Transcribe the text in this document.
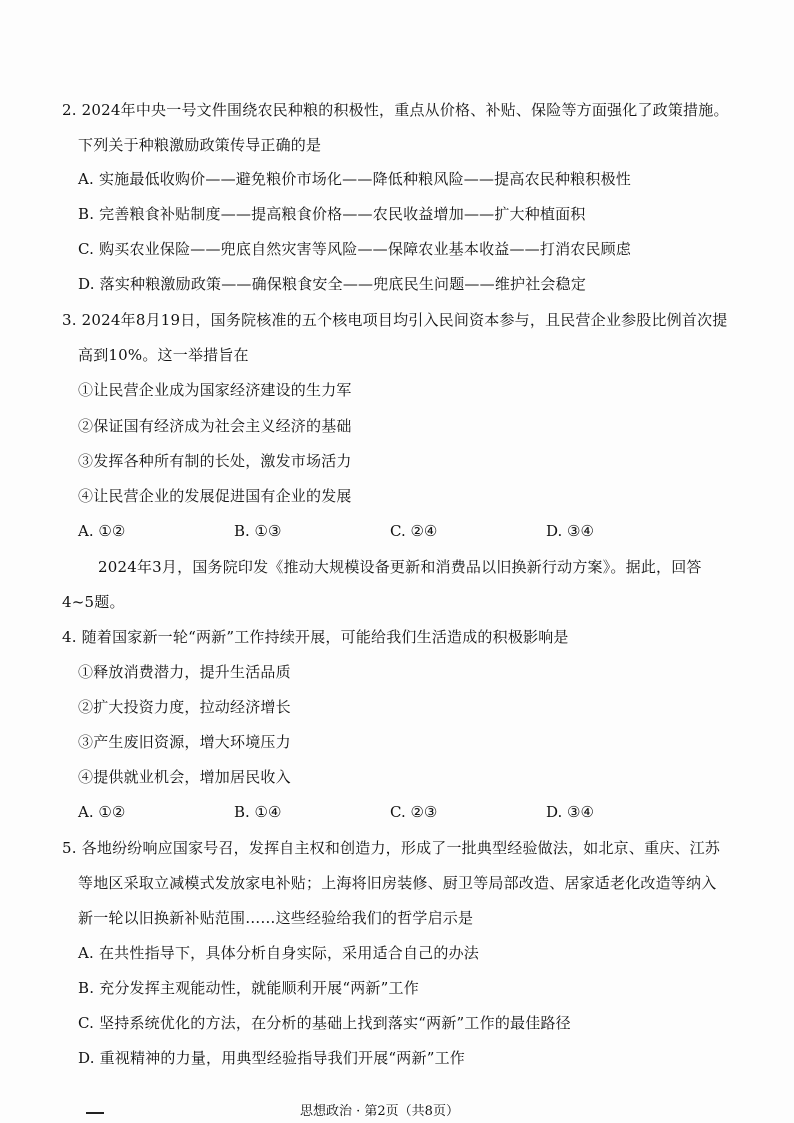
2. 2024年中央一号文件围绕农民种粮的积极性，重点从价格、补贴、保险等方面强化了政策措施。
下列关于种粮激励政策传导正确的是
A. 实施最低收购价——避免粮价市场化——降低种粮风险——提高农民种粮积极性
B. 完善粮食补贴制度——提高粮食价格——农民收益增加——扩大种植面积
C. 购买农业保险——兜底自然灾害等风险——保障农业基本收益——打消农民顾虑
D. 落实种粮激励政策——确保粮食安全——兜底民生问题——维护社会稳定
3. 2024年8月19日，国务院核准的五个核电项目均引入民间资本参与，且民营企业参股比例首次提
高到10%。这一举措旨在
①让民营企业成为国家经济建设的生力军
②保证国有经济成为社会主义经济的基础
③发挥各种所有制的长处，激发市场活力
④让民营企业的发展促进国有企业的发展
A. ①②	B. ①③	C. ②④	D. ③④
2024年3月，国务院印发《推动大规模设备更新和消费品以旧换新行动方案》。据此，回答
4~5题。
4. 随着国家新一轮“两新”工作持续开展，可能给我们生活造成的积极影响是
①释放消费潜力，提升生活品质
②扩大投资力度，拉动经济增长
③产生废旧资源，增大环境压力
④提供就业机会，增加居民收入
A. ①②	B. ①④	C. ②③	D. ③④
5. 各地纷纷响应国家号召，发挥自主权和创造力，形成了一批典型经验做法，如北京、重庆、江苏
等地区采取立减模式发放家电补贴；上海将旧房装修、厨卫等局部改造、居家适老化改造等纳入
新一轮以旧换新补贴范围……这些经验给我们的哲学启示是
A. 在共性指导下，具体分析自身实际，采用适合自己的办法
B. 充分发挥主观能动性，就能顺利开展“两新”工作
C. 坚持系统优化的方法，在分析的基础上找到落实“两新”工作的最佳路径
D. 重视精神的力量，用典型经验指导我们开展“两新”工作
思想政治 · 第2页（共8页）
